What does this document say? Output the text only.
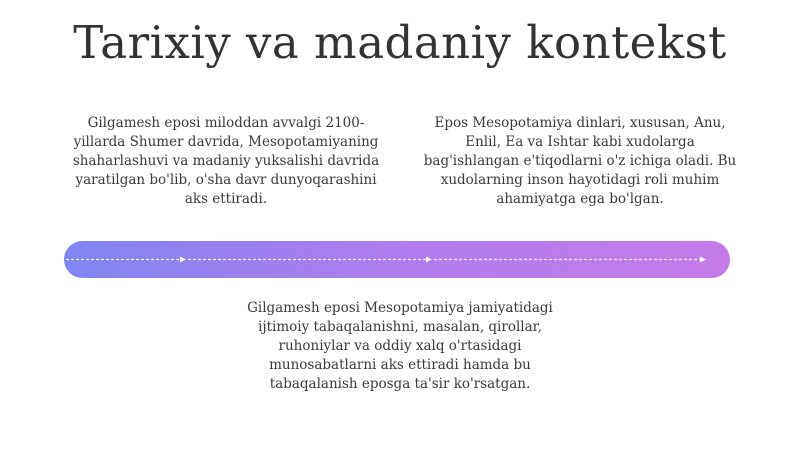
Tarixiy va madaniy kontekst
Gilgamesh eposi miloddan avvalgi 2100-yillarda Shumer davrida, Mesopotamiyaning shaharlashuvi va madaniy yuksalishi davrida yaratilgan bo'lib, o'sha davr dunyoqarashini aks ettiradi.
Epos Mesopotamiya dinlari, xususan, Anu, Enlil, Ea va Ishtar kabi xudolarga bag'ishlangan e'tiqodlarni o'z ichiga oladi. Bu xudolarning inson hayotidagi roli muhim ahamiyatga ega bo'lgan.
Gilgamesh eposi Mesopotamiya jamiyatidagi ijtimoiy tabaqalanishni, masalan, qirollar, ruhoniylar va oddiy xalq o'rtasidagi munosabatlarni aks ettiradi hamda bu tabaqalanish eposga ta'sir ko'rsatgan.
